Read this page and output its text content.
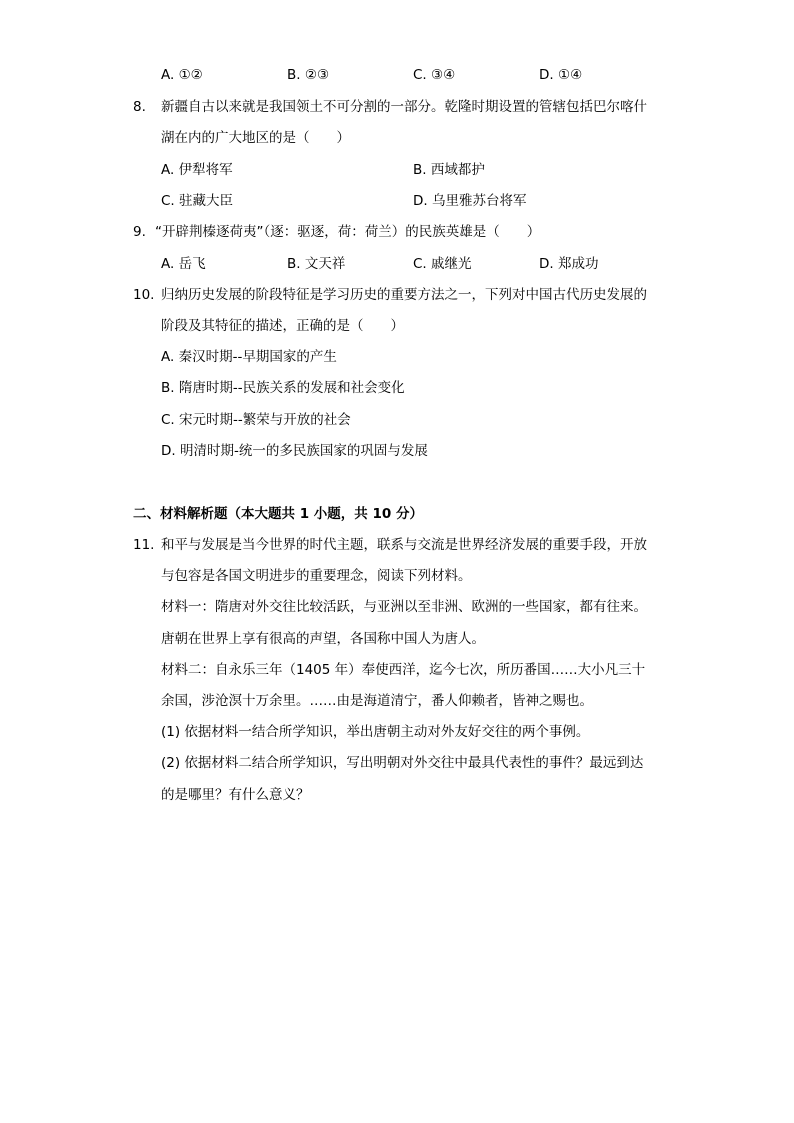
A. ①②	B. ②③	C. ③④	D. ①④
8. 新疆自古以来就是我国领土不可分割的一部分。乾隆时期设置的管辖包括巴尔喀什
湖在内的广大地区的是（　　）
A. 伊犁将军	B. 西域都护
C. 驻藏大臣	D. 乌里雅苏台将军
9. “开辟荆榛逐荷夷”（逐：驱逐，荷：荷兰）的民族英雄是（　　）
A. 岳飞	B. 文天祥	C. 戚继光	D. 郑成功
10. 归纳历史发展的阶段特征是学习历史的重要方法之一，下列对中国古代历史发展的
阶段及其特征的描述，正确的是（　　）
A. 秦汉时期--早期国家的产生
B. 隋唐时期--民族关系的发展和社会变化
C. 宋元时期--繁荣与开放的社会
D. 明清时期-统一的多民族国家的巩固与发展
二、材料解析题（本大题共 1 小题，共 10 分）
11. 和平与发展是当今世界的时代主题，联系与交流是世界经济发展的重要手段，开放
与包容是各国文明进步的重要理念，阅读下列材料。
材料一：隋唐对外交往比较活跃，与亚洲以至非洲、欧洲的一些国家，都有往来。
唐朝在世界上享有很高的声望，各国称中国人为唐人。
材料二：自永乐三年（1405 年）奉使西洋，迄今七次，所历番国……大小凡三十
余国，涉沧溟十万余里。……由是海道清宁，番人仰赖者，皆神之赐也。
(1) 依据材料一结合所学知识，举出唐朝主动对外友好交往的两个事例。
(2) 依据材料二结合所学知识，写出明朝对外交往中最具代表性的事件？最远到达
的是哪里？有什么意义？
